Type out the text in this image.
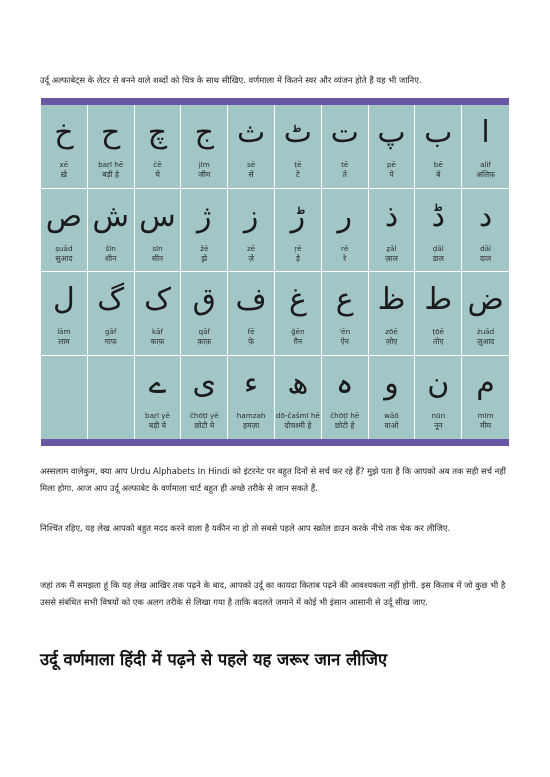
उर्दू अल्फाबेट्स के लेटर से बनने वाले शब्दों को चित्र के साथ सीखिए. वर्णमाला में कितने स्वर और व्यंजन होते हैं यह भी जानिए.

خ
xē
ख़े
ح
baṛī hē
बड़ी हे
چ
čē
चे
ج
jīm
जीम
ث
sē
से
ٹ
ṭē
टे
ت
tē
ते
پ
pē
पे
ب
bē
बे
ا
alif
अलिफ़
ص
ṣuād
सुआद
ش
šīn
शीन
س
sīn
सीन
ژ
žē
झ़े
ز
zē
ज़े
ڑ
ṛē
ड़े
ر
rē
रे
ذ
ẕāl
ज़ाल
ڈ
ḍāl
डाल
د
dāl
दाल
ل
lām
लाम
گ
gāf
गाफ़
ک
kāf
काफ़
ق
qāf
क़ाफ़
ف
fē
फ़े
غ
ğēn
ग़ैन
ع
'ēn
ऐन
ظ
zōē
ज़ोए
ط
ṭōē
तोए
ض
żuād
ज़ुआद
ے
baṛī yē
बड़ी ये
ی
čhōṭī yē
छोटी ये
ء
hamzah
हमज़ा
ھ
dō-čašmī hē
दोचश्मी हे
ہ
čhōṭī hē
छोटी हे
و
wāō
वाओ
ن
nūn
नून
م
mīm
मीम

अस्सलाम वालेकुम, क्या आप Urdu Alphabets In Hindi को इंटरनेट पर बहुत दिनों से सर्च कर रहे हैं? मुझे पता है कि आपको अब तक सही सर्च नहीं मिला होगा. आज आप उर्दू अल्फाबेट के वर्णमाला चार्ट बहुत ही अच्छे तरीके से जान सकते हैं.

निश्चिंत रहिए, यह लेख आपको बहुत मदद करने वाला है यकीन ना हो तो सबसे पहले आप स्क्रोल डाउन करके नीचे तक चेक कर लीजिए.

जहां तक मैं समझता हूं कि यह लेख आखिर तक पढ़ने के बाद, आपको उर्दू का कायदा किताब पढ़ने की आवश्यकता नहीं होगी. इस किताब में जो कुछ भी है उससे संबंधित सभी विषयों को एक अलग तरीके से लिखा गया है ताकि बदलते जमाने में कोई भी इंसान आसानी से उर्दू सीख जाए.

उर्दू वर्णमाला हिंदी में पढ़ने से पहले यह जरूर जान लीजिए
